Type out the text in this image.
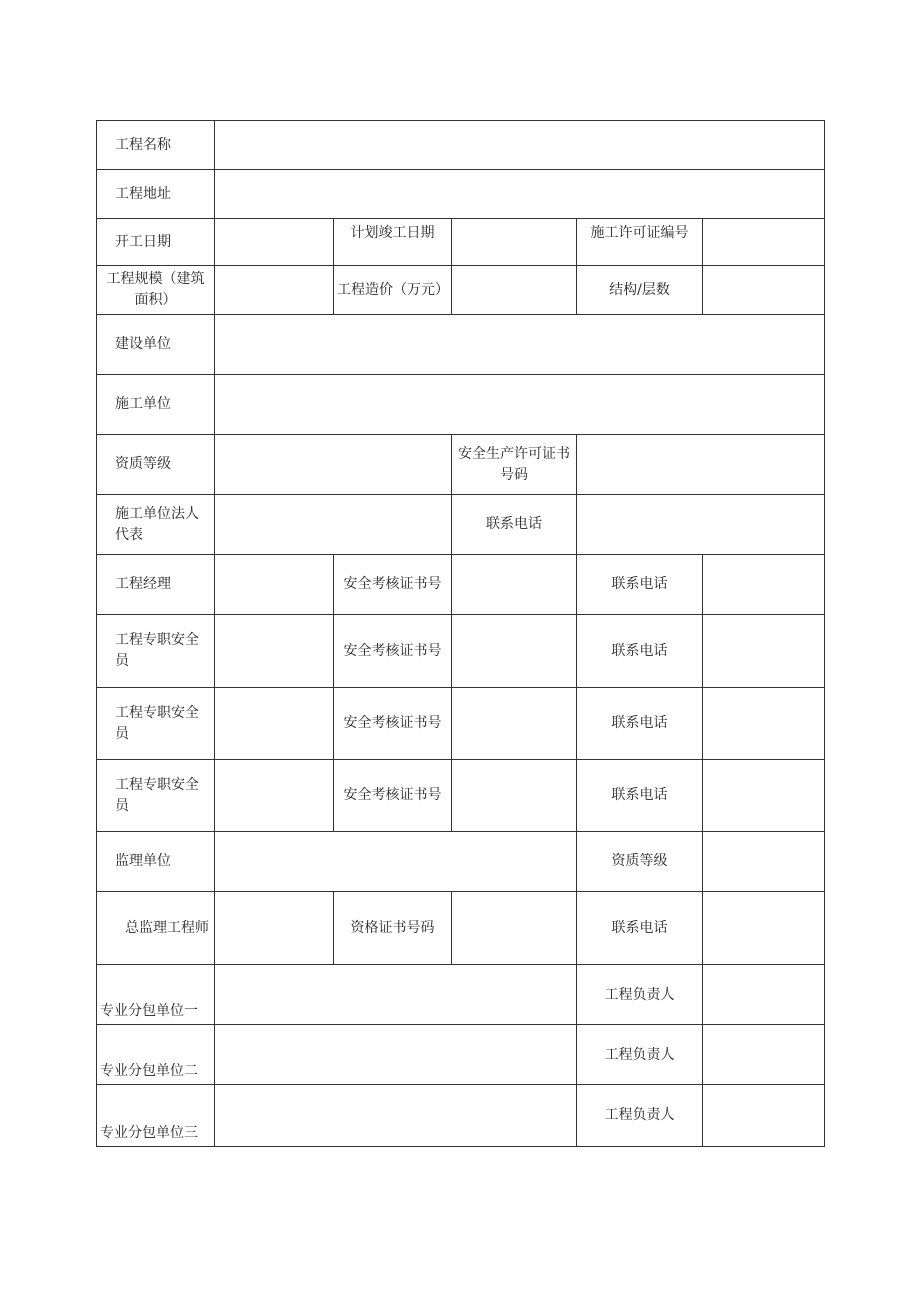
工程名称					
工程地址					
开工日期		计划竣工日期		施工许可证编号	
工程规模（建筑面积）		工程造价（万元）		结构/层数	
建设单位					
施工单位					
资质等级			安全生产许可证书号码		
施工单位法人代表			联系电话		
工程经理		安全考核证书号		联系电话	
工程专职安全员		安全考核证书号		联系电话	
工程专职安全员		安全考核证书号		联系电话	
工程专职安全员		安全考核证书号		联系电话	
监理单位				资质等级	
总监理工程师		资格证书号码		联系电话	
专业分包单位一				工程负责人	
专业分包单位二				工程负责人	
专业分包单位三				工程负责人	
